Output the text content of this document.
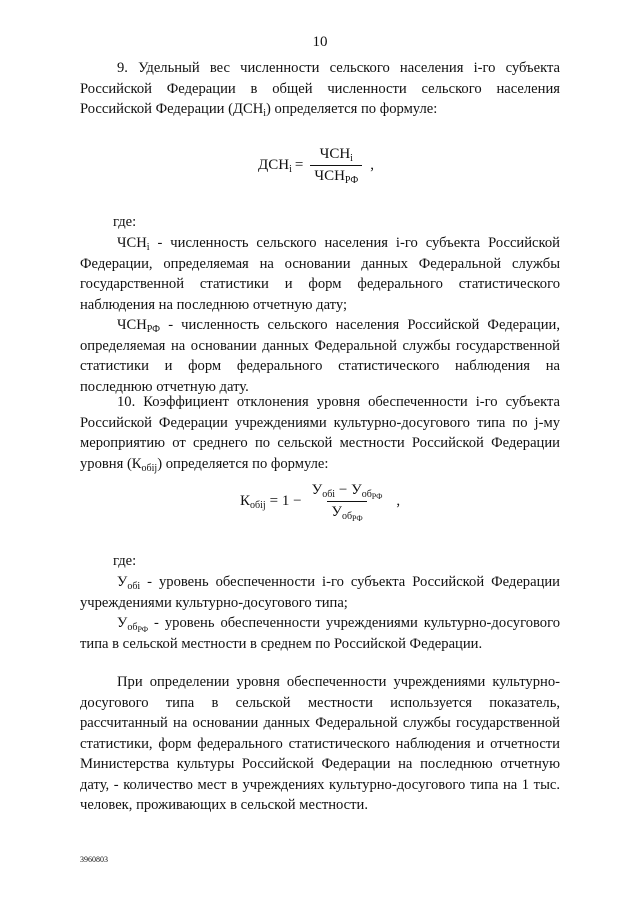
10

9. Удельный вес численности сельского населения i-го субъекта Российской Федерации в общей численности сельского населения Российской Федерации $(ДСН_i)$ определяется по формуле:

$ДСН_i = \frac{ЧСН_i}{ЧСН_{РФ}}$ ,
где:

$ЧСН_i$ - численность сельского населения i-го субъекта Российской Федерации, определяемая на основании данных Федеральной службы государственной статистики и форм федерального статистического наблюдения на последнюю отчетную дату;

$ЧСН_{РФ}$ - численность сельского населения Российской Федерации, определяемая на основании данных Федеральной службы государственной статистики и форм федерального статистического наблюдения на последнюю отчетную дату.

10. Коэффициент отклонения уровня обеспеченности i-го субъекта Российской Федерации учреждениями культурно-досугового типа по j-му мероприятию от среднего по сельской местности Российской Федерации уровня $(К_{обij})$ определяется по формуле:

$К_{обij} = 1 - \frac{У_{обi} - У_{об_{РФ}}}{У_{об_{РФ}}}$ ,
где:

$У_{обi}$ - уровень обеспеченности i-го субъекта Российской Федерации учреждениями культурно-досугового типа;

$У_{об_{РФ}}$ - уровень обеспеченности учреждениями культурно-досугового типа в сельской местности в среднем по Российской Федерации.

При определении уровня обеспеченности учреждениями культурно-досугового типа в сельской местности используется показатель, рассчитанный на основании данных Федеральной службы государственной статистики, форм федерального статистического наблюдения и отчетности Министерства культуры Российской Федерации на последнюю отчетную дату, - количество мест в учреждениях культурно-досугового типа на 1 тыс. человек, проживающих в сельской местности.

3960803
